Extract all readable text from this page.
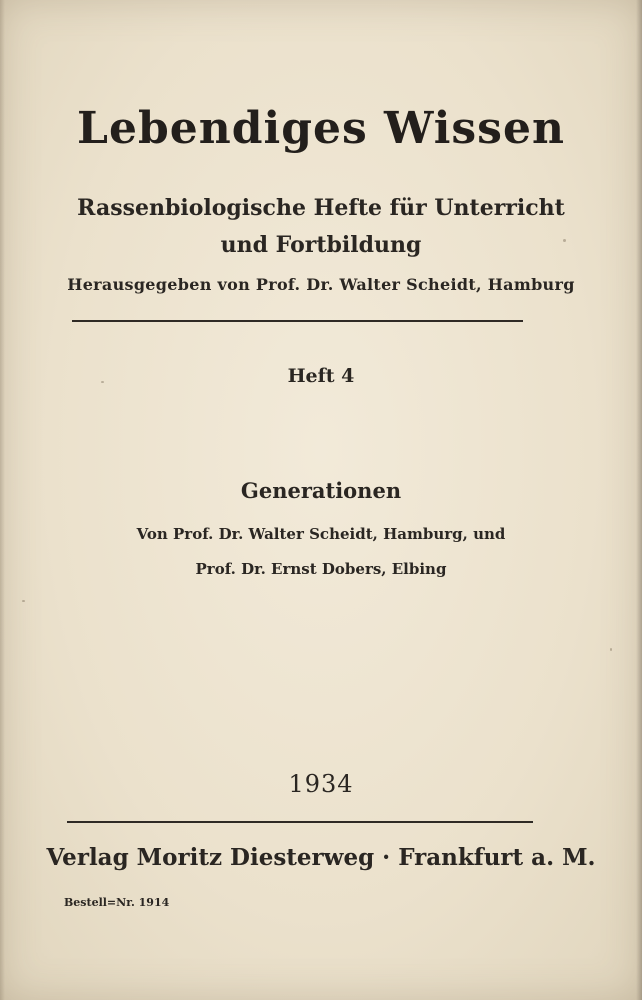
Lebendiges Wissen
Rassenbiologische Hefte für Unterricht
und Fortbildung
Herausgegeben von Prof. Dr. Walter Scheidt, Hamburg
Heft 4
Generationen
Von Prof. Dr. Walter Scheidt, Hamburg, und
Prof. Dr. Ernst Dobers, Elbing
1934
Verlag Moritz Diesterweg · Frankfurt a. M.
Bestell=Nr. 1914
